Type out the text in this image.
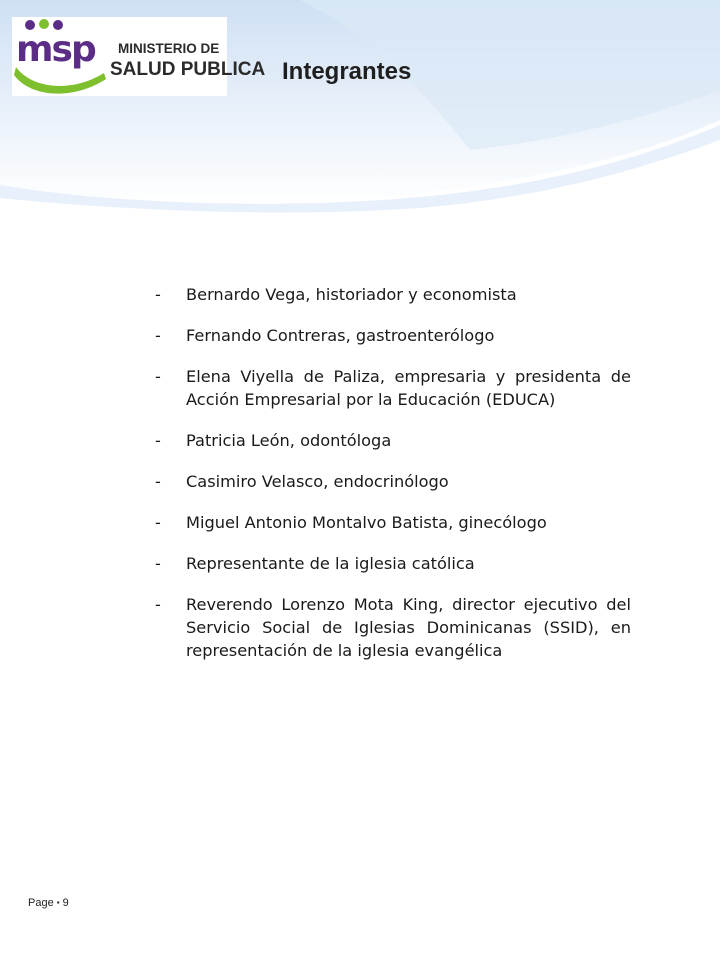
msp MINISTERIO DE
SALUD PUBLICA Integrantes
-	Bernardo Vega, historiador y economista
-	Fernando Contreras, gastroenterólogo
-	Elena Viyella de Paliza, empresaria y presidenta de Acción Empresarial por la Educación (EDUCA)
-	Patricia León, odontóloga
-	Casimiro Velasco, endocrinólogo
-	Miguel Antonio Montalvo Batista, ginecólogo
-	Representante de la iglesia católica
-	Reverendo Lorenzo Mota King, director ejecutivo del Servicio Social de Iglesias Dominicanas (SSID), en representación de la iglesia evangélica
Page ▪ 9
